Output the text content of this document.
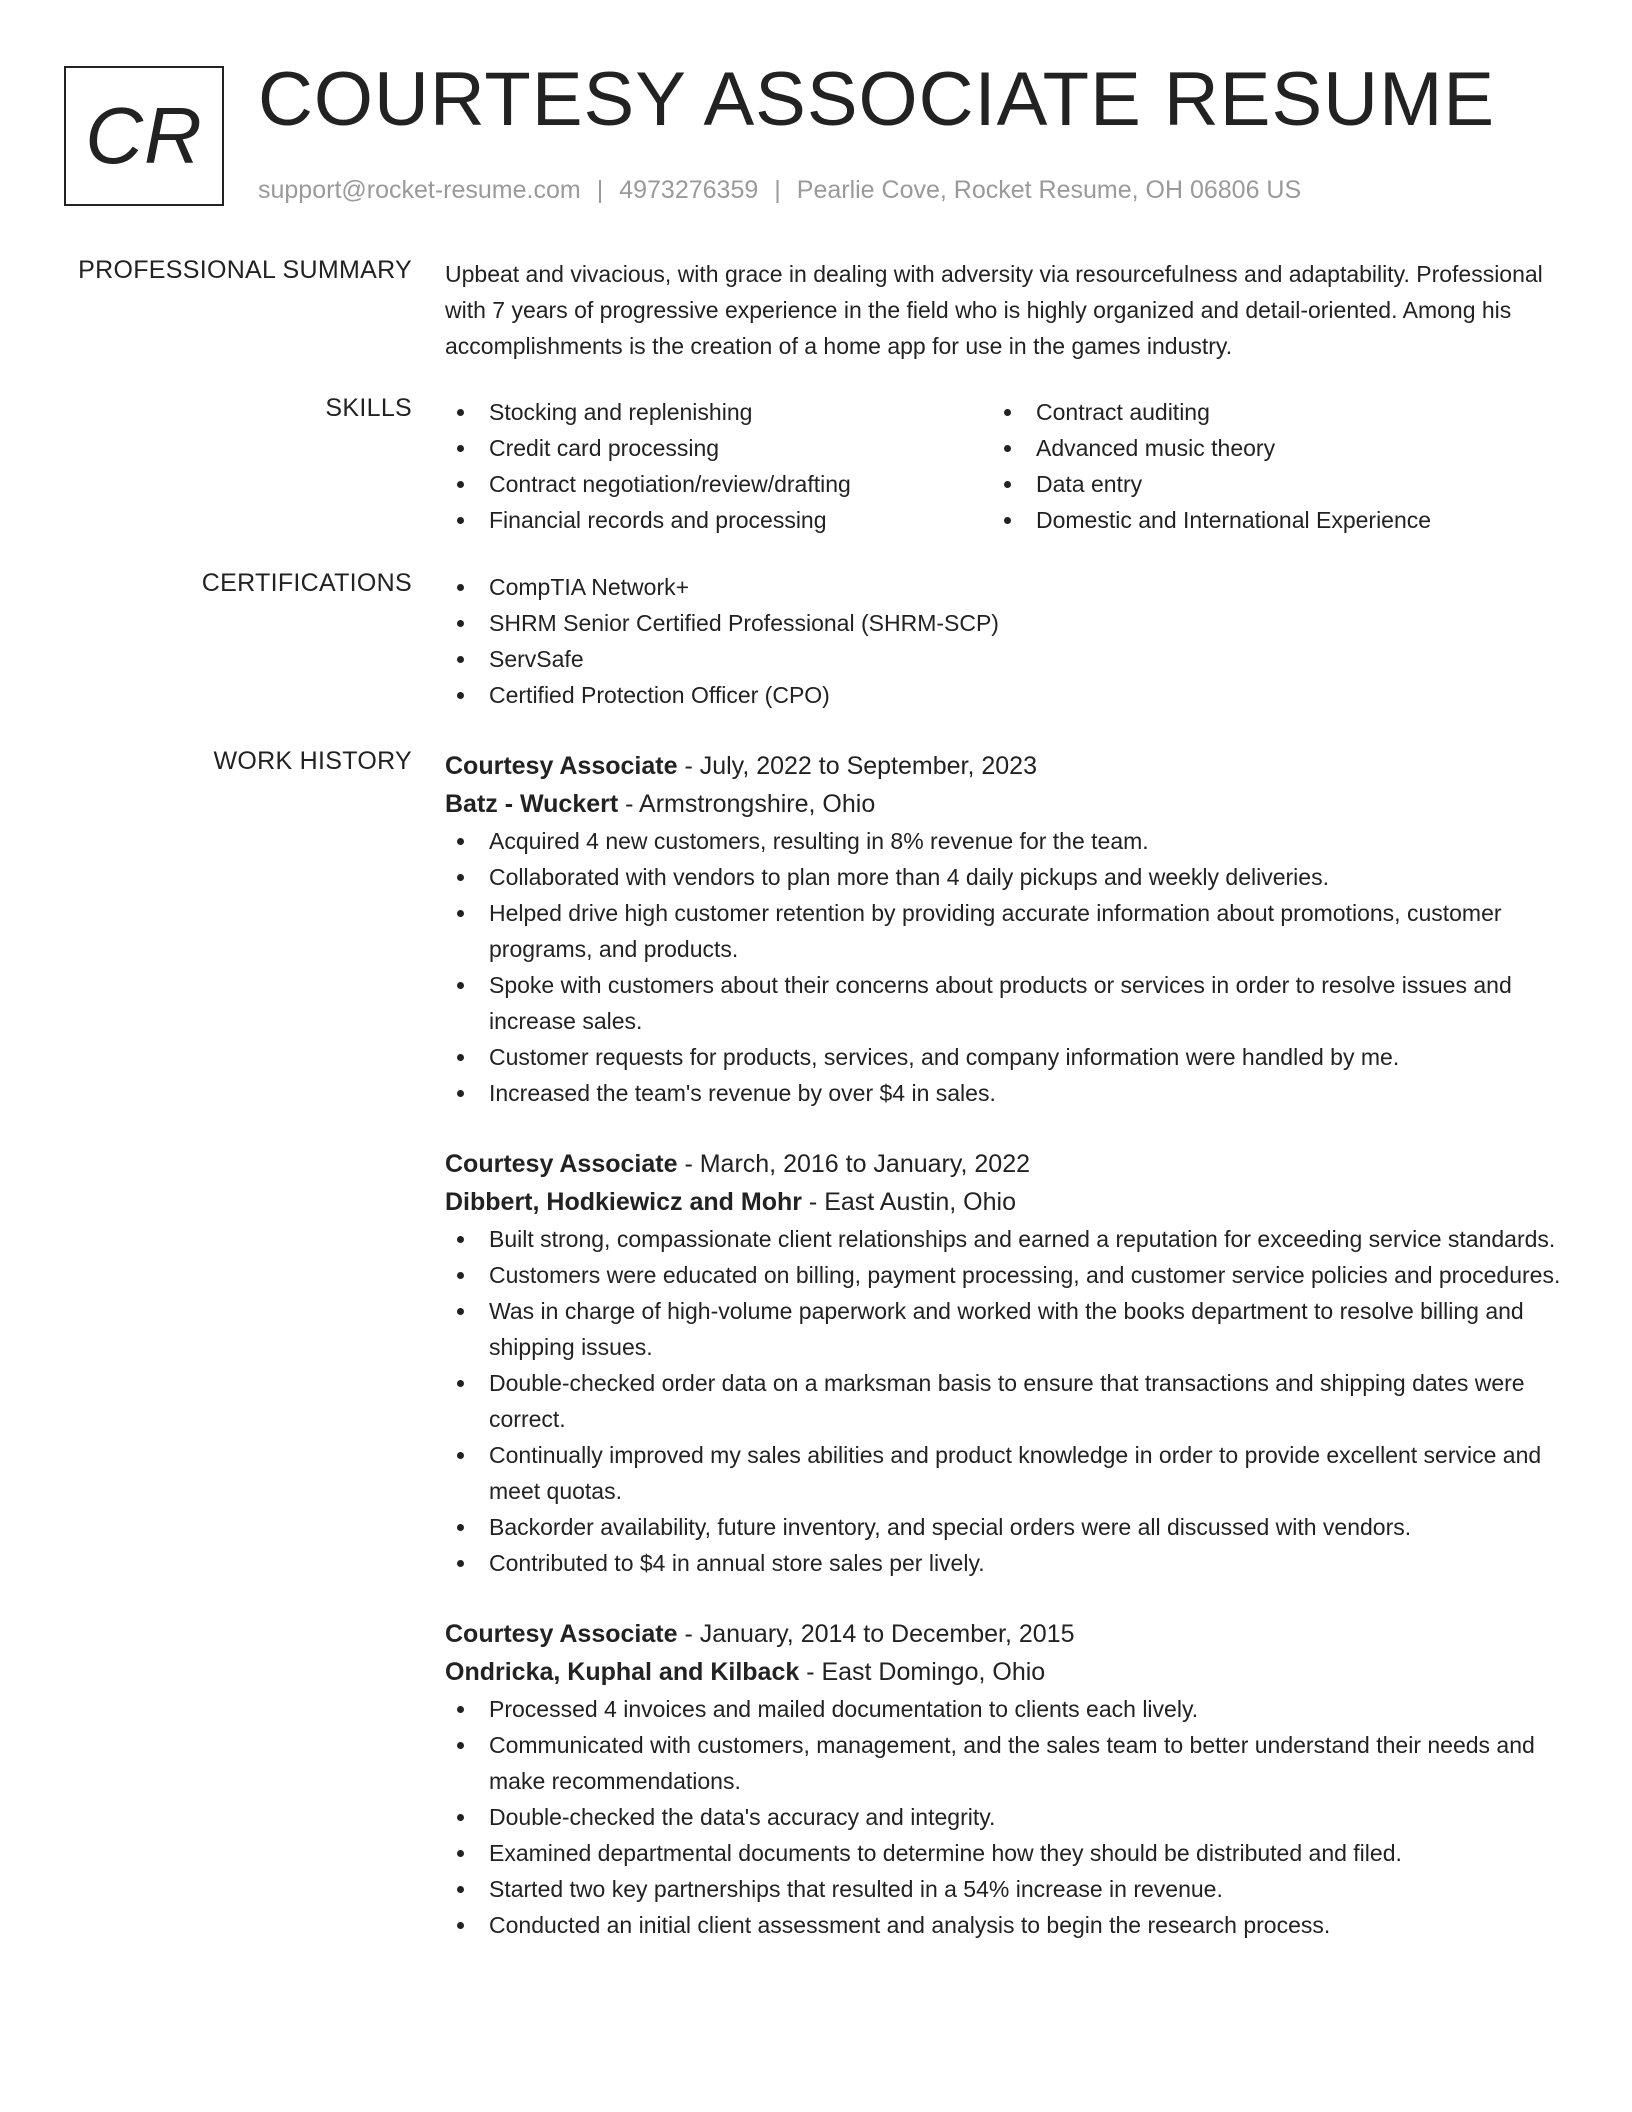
CR COURTESY ASSOCIATE RESUME
support@rocket-resume.com | 4973276359 | Pearlie Cove, Rocket Resume, OH 06806 US
PROFESSIONAL SUMMARY Upbeat and vivacious, with grace in dealing with adversity via resourcefulness and adaptability. Professional with 7 years of progressive experience in the field who is highly organized and detail-oriented. Among his accomplishments is the creation of a home app for use in the games industry.

SKILLS	Stocking and replenishing
Credit card processing
Contract negotiation/review/drafting
Financial records and processing
Contract auditing
Advanced music theory
Data entry
Domestic and International Experience
CERTIFICATIONS	CompTIA Network+
SHRM Senior Certified Professional (SHRM-SCP)
ServSafe
Certified Protection Officer (CPO)
WORK HISTORY Courtesy Associate - July, 2022 to September, 2023
Batz - Wuckert - Armstrongshire, Ohio
Acquired 4 new customers, resulting in 8% revenue for the team.
Collaborated with vendors to plan more than 4 daily pickups and weekly deliveries.
Helped drive high customer retention by providing accurate information about promotions, customer programs, and products.
Spoke with customers about their concerns about products or services in order to resolve issues and increase sales.
Customer requests for products, services, and company information were handled by me.
Increased the team's revenue by over $4 in sales.
Courtesy Associate - March, 2016 to January, 2022
Dibbert, Hodkiewicz and Mohr - East Austin, Ohio
Built strong, compassionate client relationships and earned a reputation for exceeding service standards.
Customers were educated on billing, payment processing, and customer service policies and procedures.
Was in charge of high-volume paperwork and worked with the books department to resolve billing and shipping issues.
Double-checked order data on a marksman basis to ensure that transactions and shipping dates were correct.
Continually improved my sales abilities and product knowledge in order to provide excellent service and meet quotas.
Backorder availability, future inventory, and special orders were all discussed with vendors.
Contributed to $4 in annual store sales per lively.
Courtesy Associate - January, 2014 to December, 2015
Ondricka, Kuphal and Kilback - East Domingo, Ohio
Processed 4 invoices and mailed documentation to clients each lively.
Communicated with customers, management, and the sales team to better understand their needs and make recommendations.
Double-checked the data's accuracy and integrity.
Examined departmental documents to determine how they should be distributed and filed.
Started two key partnerships that resulted in a 54% increase in revenue.
Conducted an initial client assessment and analysis to begin the research process.
